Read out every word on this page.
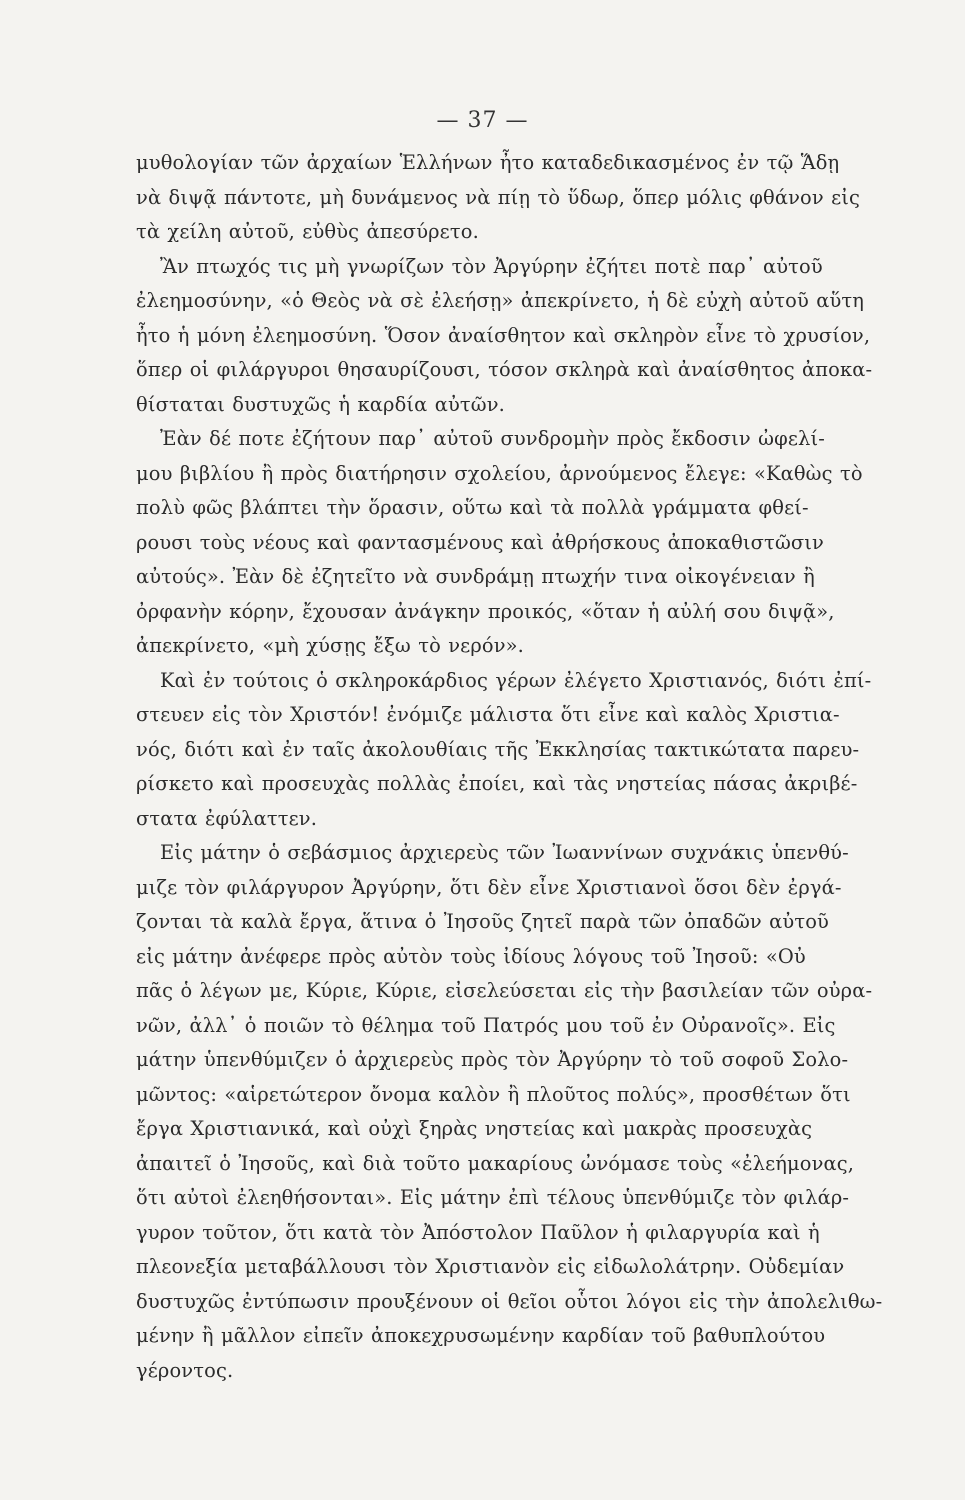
— 37 —
μυθολογίαν τῶν ἀρχαίων Ἑλλήνων ἦτο καταδεδικασμένος ἐν τῷ Ἅδῃ
νὰ διψᾷ πάντοτε, μὴ δυνάμενος νὰ πίῃ τὸ ὕδωρ, ὅπερ μόλις φθάνον εἰς
τὰ χείλη αὐτοῦ, εὐθὺς ἀπεσύρετο.
Ἂν πτωχός τις μὴ γνωρίζων τὸν Ἀργύρην ἐζήτει ποτὲ παρ᾽ αὐτοῦ
ἐλεημοσύνην, «ὁ Θεὸς νὰ σὲ ἐλεήσῃ» ἀπεκρίνετο, ἡ δὲ εὐχὴ αὐτοῦ αὕτη
ἦτο ἡ μόνη ἐλεημοσύνη. Ὅσον ἀναίσθητον καὶ σκληρὸν εἶνε τὸ χρυσίον,
ὅπερ οἱ φιλάργυροι θησαυρίζουσι, τόσον σκληρὰ καὶ ἀναίσθητος ἀποκα-
θίσταται δυστυχῶς ἡ καρδία αὐτῶν.
Ἐὰν δέ ποτε ἐζήτουν παρ᾽ αὐτοῦ συνδρομὴν πρὸς ἔκδοσιν ὠφελί-
μου βιβλίου ἢ πρὸς διατήρησιν σχολείου, ἀρνούμενος ἔλεγε: «Καθὼς τὸ
πολὺ φῶς βλάπτει τὴν ὅρασιν, οὕτω καὶ τὰ πολλὰ γράμματα φθεί-
ρουσι τοὺς νέους καὶ φαντασμένους καὶ ἀθρήσκους ἀποκαθιστῶσιν
αὐτούς». Ἐὰν δὲ ἐζητεῖτο νὰ συνδράμῃ πτωχήν τινα οἰκογένειαν ἢ
ὀρφανὴν κόρην, ἔχουσαν ἀνάγκην προικός, «ὅταν ἡ αὐλή σου διψᾷ»,
ἀπεκρίνετο, «μὴ χύσῃς ἔξω τὸ νερόν».
Καὶ ἐν τούτοις ὁ σκληροκάρδιος γέρων ἐλέγετο Χριστιανός, διότι ἐπί-
στευεν εἰς τὸν Χριστόν! ἐνόμιζε μάλιστα ὅτι εἶνε καὶ καλὸς Χριστια-
νός, διότι καὶ ἐν ταῖς ἀκολουθίαις τῆς Ἐκκλησίας τακτικώτατα παρευ-
ρίσκετο καὶ προσευχὰς πολλὰς ἐποίει, καὶ τὰς νηστείας πάσας ἀκριβέ-
στατα ἐφύλαττεν.
Εἰς μάτην ὁ σεβάσμιος ἀρχιερεὺς τῶν Ἰωαννίνων συχνάκις ὑπενθύ-
μιζε τὸν φιλάργυρον Ἀργύρην, ὅτι δὲν εἶνε Χριστιανοὶ ὅσοι δὲν ἐργά-
ζονται τὰ καλὰ ἔργα, ἅτινα ὁ Ἰησοῦς ζητεῖ παρὰ τῶν ὀπαδῶν αὐτοῦ
εἰς μάτην ἀνέφερε πρὸς αὐτὸν τοὺς ἰδίους λόγους τοῦ Ἰησοῦ: «Οὐ
πᾶς ὁ λέγων με, Κύριε, Κύριε, εἰσελεύσεται εἰς τὴν βασιλείαν τῶν οὐρα-
νῶν, ἀλλ᾽ ὁ ποιῶν τὸ θέλημα τοῦ Πατρός μου τοῦ ἐν Οὐρανοῖς». Εἰς
μάτην ὑπενθύμιζεν ὁ ἀρχιερεὺς πρὸς τὸν Ἀργύρην τὸ τοῦ σοφοῦ Σολο-
μῶντος: «αἱρετώτερον ὄνομα καλὸν ἢ πλοῦτος πολύς», προσθέτων ὅτι
ἔργα Χριστιανικά, καὶ οὐχὶ ξηρὰς νηστείας καὶ μακρὰς προσευχὰς
ἀπαιτεῖ ὁ Ἰησοῦς, καὶ διὰ τοῦτο μακαρίους ὠνόμασε τοὺς «ἐλεήμονας,
ὅτι αὐτοὶ ἐλεηθήσονται». Εἰς μάτην ἐπὶ τέλους ὑπενθύμιζε τὸν φιλάρ-
γυρον τοῦτον, ὅτι κατὰ τὸν Ἀπόστολον Παῦλον ἡ φιλαργυρία καὶ ἡ
πλεονεξία μεταβάλλουσι τὸν Χριστιανὸν εἰς εἰδωλολάτρην. Οὐδεμίαν
δυστυχῶς ἐντύπωσιν προυξένουν οἱ θεῖοι οὗτοι λόγοι εἰς τὴν ἀπολελιθω-
μένην ἢ μᾶλλον εἰπεῖν ἀποκεχρυσωμένην καρδίαν τοῦ βαθυπλούτου
γέροντος.
